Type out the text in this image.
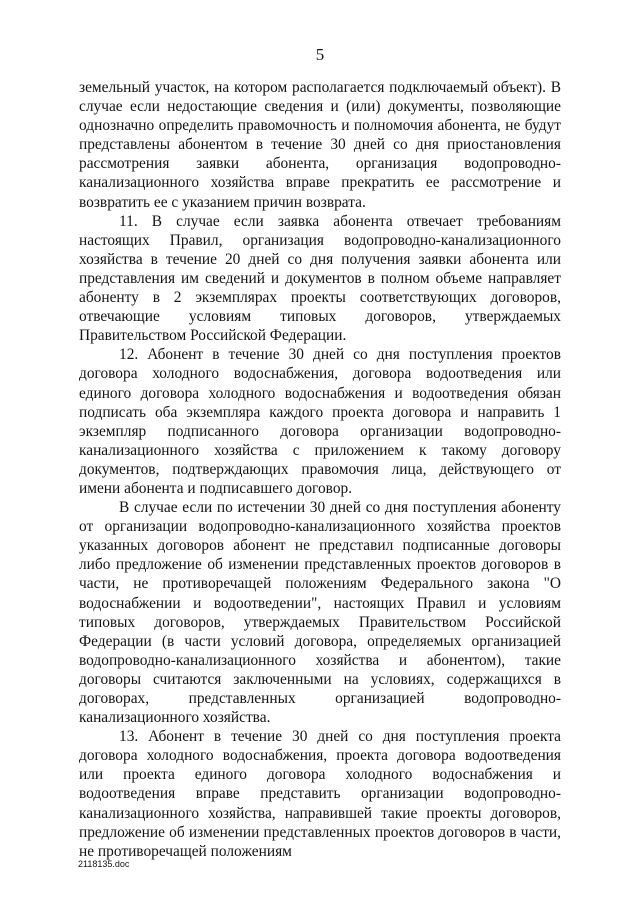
5

земельный участок, на котором располагается подключаемый объект). В случае если недостающие сведения и (или) документы, позволяющие однозначно определить правомочность и полномочия абонента, не будут представлены абонентом в течение 30 дней со дня приостановления рассмотрения заявки абонента, организация водопроводно-канализационного хозяйства вправе прекратить ее рассмотрение и возвратить ее с указанием причин возврата.

11. В случае если заявка абонента отвечает требованиям настоящих Правил, организация водопроводно-канализационного хозяйства в течение 20 дней со дня получения заявки абонента или представления им сведений и документов в полном объеме направляет абоненту в 2 экземплярах проекты соответствующих договоров, отвечающие условиям типовых договоров, утверждаемых Правительством Российской Федерации.

12. Абонент в течение 30 дней со дня поступления проектов договора холодного водоснабжения, договора водоотведения или единого договора холодного водоснабжения и водоотведения обязан подписать оба экземпляра каждого проекта договора и направить 1 экземпляр подписанного договора организации водопроводно-канализационного хозяйства с приложением к такому договору документов, подтверждающих правомочия лица, действующего от имени абонента и подписавшего договор.

В случае если по истечении 30 дней со дня поступления абоненту от организации водопроводно-канализационного хозяйства проектов указанных договоров абонент не представил подписанные договоры либо предложение об изменении представленных проектов договоров в части, не противоречащей положениям Федерального закона "О водоснабжении и водоотведении", настоящих Правил и условиям типовых договоров, утверждаемых Правительством Российской Федерации (в части условий договора, определяемых организацией водопроводно-канализационного хозяйства и абонентом), такие договоры считаются заключенными на условиях, содержащихся в договорах, представленных организацией водопроводно-канализационного хозяйства.

13. Абонент в течение 30 дней со дня поступления проекта договора холодного водоснабжения, проекта договора водоотведения или проекта единого договора холодного водоснабжения и водоотведения вправе представить организации водопроводно-канализационного хозяйства, направившей такие проекты договоров, предложение об изменении представленных проектов договоров в части, не противоречащей положениям

2118135.doc
